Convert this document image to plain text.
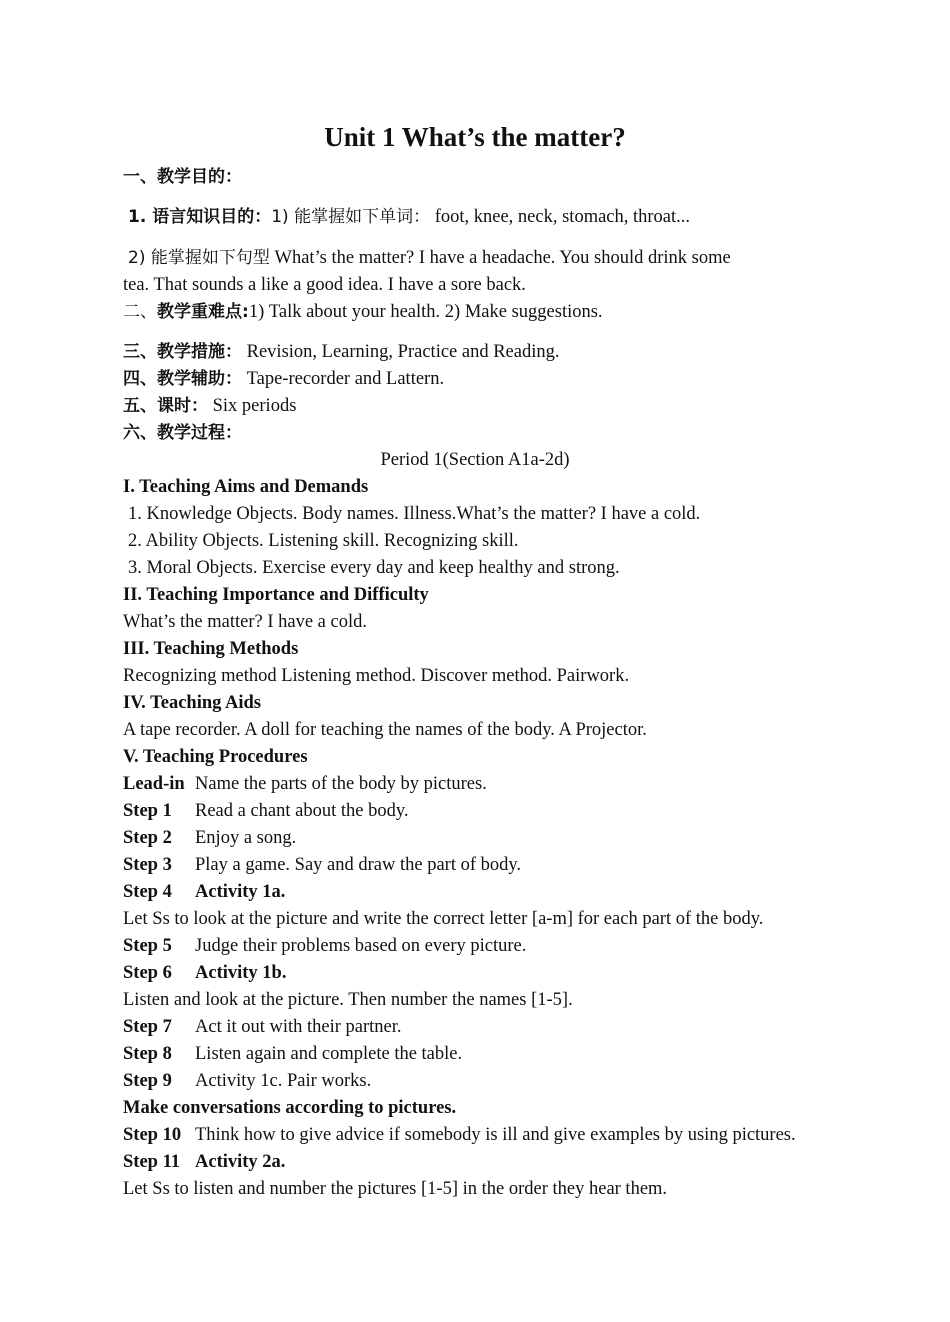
Unit 1 What’s the matter?
一、教学目的：
1. 语言知识目的：1) 能掌握如下单词： foot, knee, neck, stomach, throat...
2) 能掌握如下句型 What’s the matter? I have a headache. You should drink some
tea. That sounds a like a good idea. I have a sore back.
二、教学重难点:1) Talk about your health. 2) Make suggestions.
三、教学措施： Revision, Learning, Practice and Reading.
四、教学辅助： Tape-recorder and Lattern.
五、课时： Six periods
六、教学过程：
Period 1(Section A1a-2d)
I. Teaching Aims and Demands
1. Knowledge Objects. Body names. Illness.What’s the matter? I have a cold.
2. Ability Objects. Listening skill. Recognizing skill.
3. Moral Objects. Exercise every day and keep healthy and strong.
II. Teaching Importance and Difficulty
What’s the matter? I have a cold.
III. Teaching Methods
Recognizing method Listening method. Discover method. Pairwork.
IV. Teaching Aids
A tape recorder. A doll for teaching the names of the body. A Projector.
V. Teaching Procedures
Lead-in Name the parts of the body by pictures.
Step 1 Read a chant about the body.
Step 2 Enjoy a song.
Step 3 Play a game. Say and draw the part of body.
Step 4 Activity 1a.
Let Ss to look at the picture and write the correct letter [a-m] for each part of the body.
Step 5 Judge their problems based on every picture.
Step 6 Activity 1b.
Listen and look at the picture. Then number the names [1-5].
Step 7 Act it out with their partner.
Step 8 Listen again and complete the table.
Step 9 Activity 1c. Pair works.
Make conversations according to pictures.
Step 10 Think how to give advice if somebody is ill and give examples by using pictures.
Step 11 Activity 2a.
Let Ss to listen and number the pictures [1-5] in the order they hear them.
